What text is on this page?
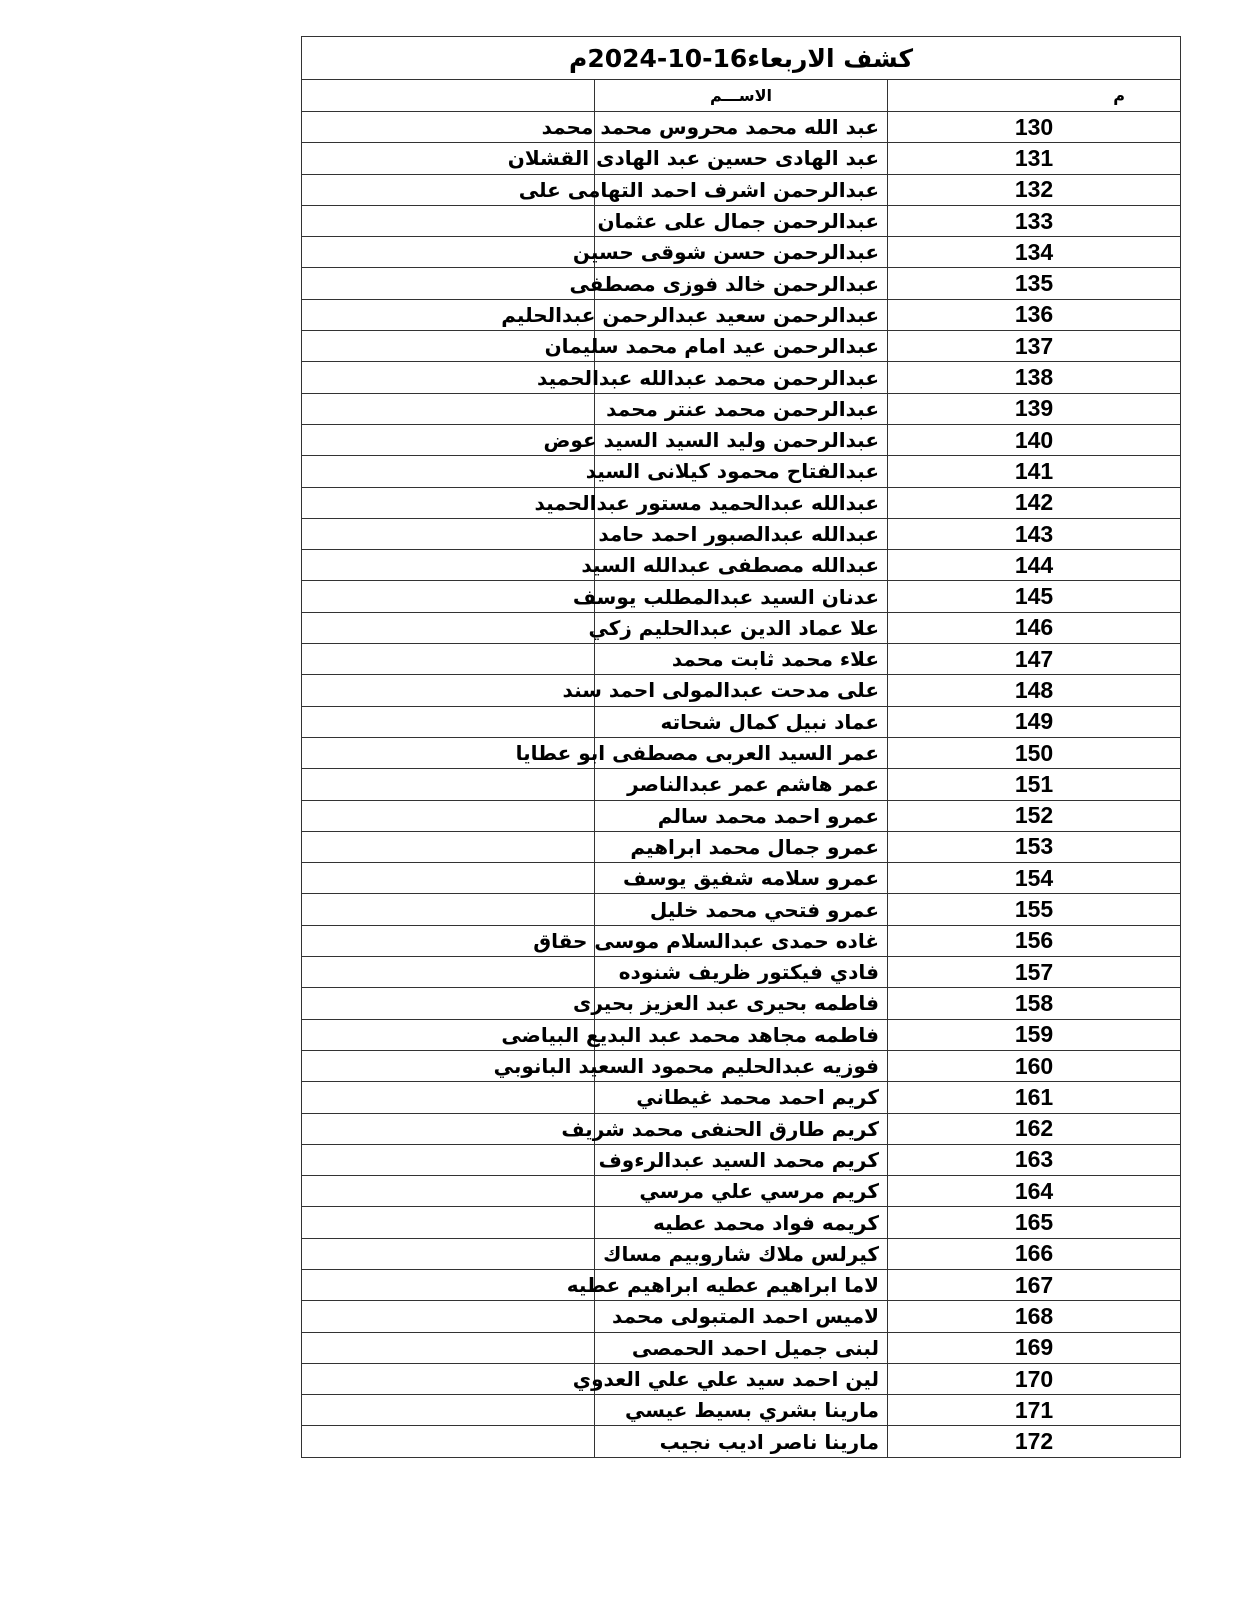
كشف الاربعاء16-10-2024م		
	الاســـم	م
	عبد الله محمد محروس محمد محمد	130
	عبد الهادى حسين عبد الهادى القشلان	131
	عبدالرحمن اشرف احمد التهامى على	132
	عبدالرحمن جمال على عثمان	133
	عبدالرحمن حسن شوقى حسين	134
	عبدالرحمن خالد فوزى مصطفى	135
	عبدالرحمن سعيد عبدالرحمن عبدالحليم	136
	عبدالرحمن عيد امام محمد سليمان	137
	عبدالرحمن محمد عبدالله عبدالحميد	138
	عبدالرحمن محمد عنتر محمد	139
	عبدالرحمن وليد السيد السيد عوض	140
	عبدالفتاح محمود كيلانى السيد	141
	عبدالله عبدالحميد مستور عبدالحميد	142
	عبدالله عبدالصبور احمد حامد	143
	عبدالله مصطفى عبدالله السيد	144
	عدنان السيد عبدالمطلب يوسف	145
	علا عماد الدين عبدالحليم زكي	146
	علاء محمد ثابت محمد	147
	على مدحت عبدالمولى احمد سند	148
	عماد نبيل كمال شحاته	149
	عمر السيد العربى مصطفى ابو عطايا	150
	عمر هاشم عمر عبدالناصر	151
	عمرو احمد محمد سالم	152
	عمرو جمال محمد ابراهيم	153
	عمرو سلامه شفيق يوسف	154
	عمرو فتحي محمد خليل	155
	غاده حمدى عبدالسلام موسى حقاق	156
	فادي فيكتور ظريف شنوده	157
	فاطمه بحيرى عبد العزيز بحيرى	158
	فاطمه مجاهد محمد عبد البديع البياضى	159
	فوزيه عبدالحليم محمود السعيد البانوبي	160
	كريم احمد محمد غيطاني	161
	كريم طارق الحنفى محمد شريف	162
	كريم محمد السيد عبدالرءوف	163
	كريم مرسي علي مرسي	164
	كريمه فواد محمد عطيه	165
	كيرلس ملاك شاروبيم مساك	166
	لاما ابراهيم عطيه ابراهيم عطيه	167
	لاميس احمد المتبولى محمد	168
	لبنى جميل احمد الحمصى	169
	لين احمد سيد علي علي العدوي	170
	مارينا بشري بسيط عيسي	171
	مارينا ناصر اديب نجيب	172
